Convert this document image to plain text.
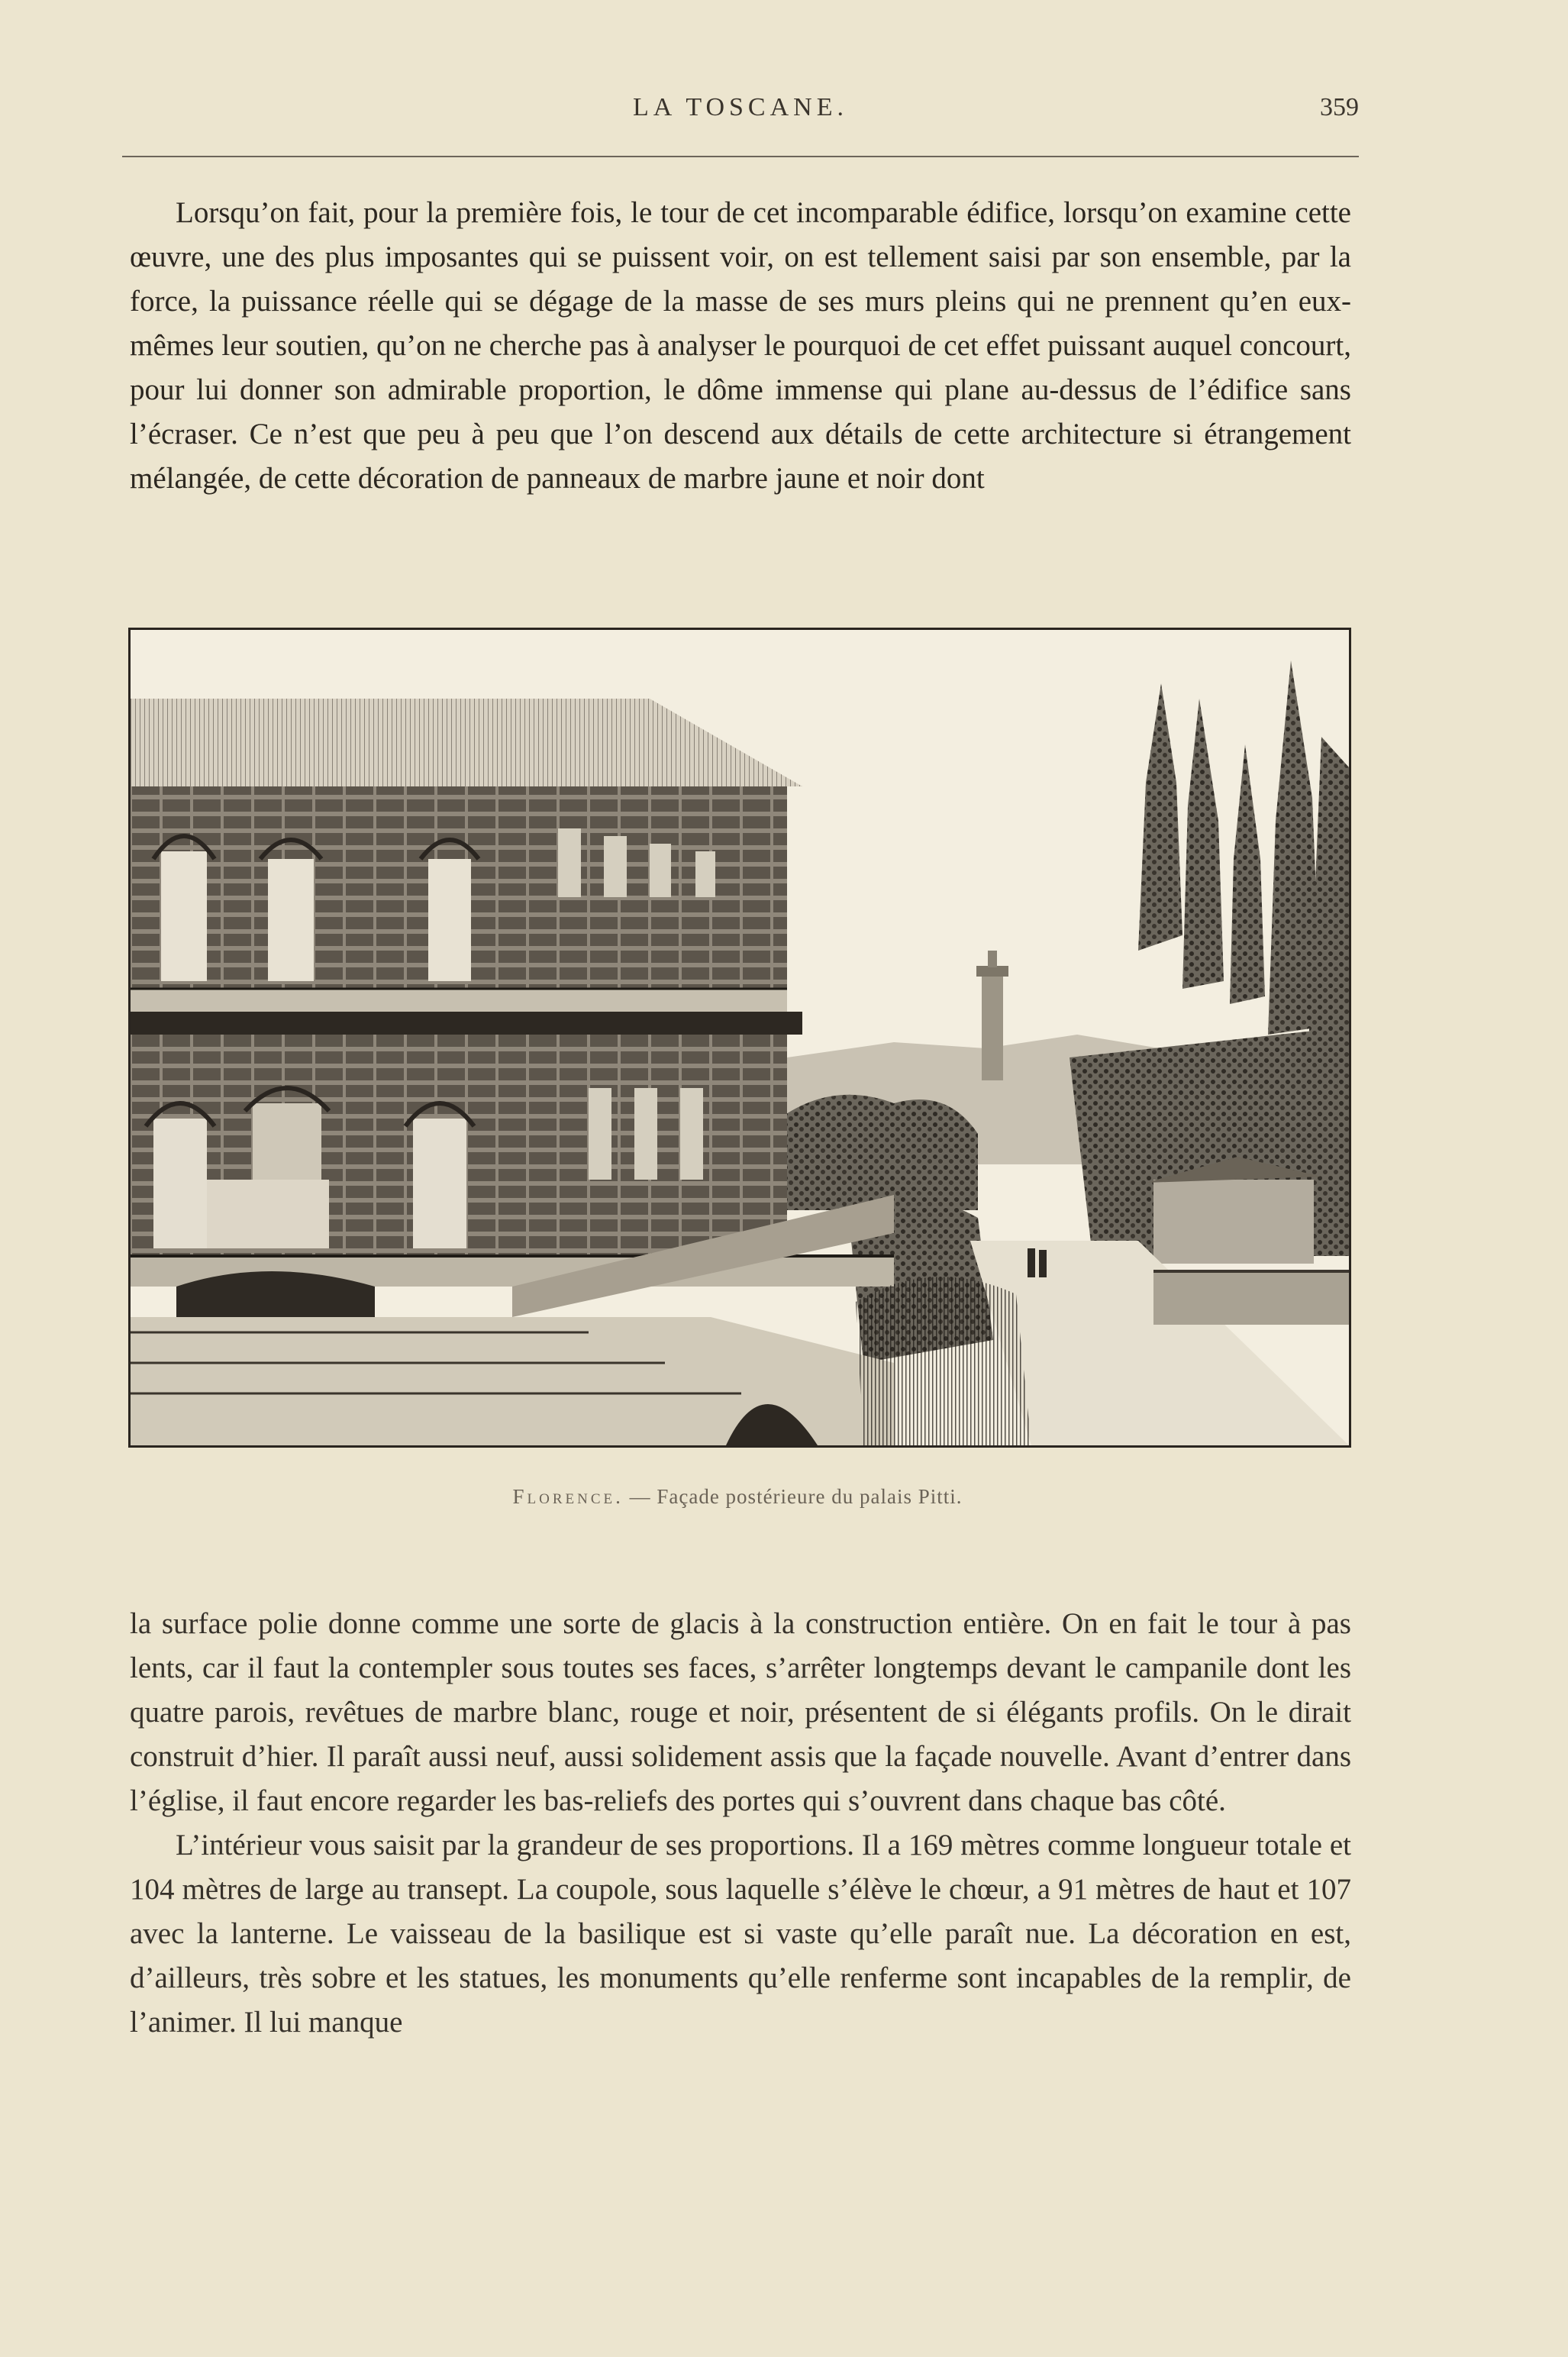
LA TOSCANE.	359

Lorsqu’on fait, pour la première fois, le tour de cet incomparable édifice, lorsqu’on examine cette œuvre, une des plus imposantes qui se puissent voir, on est tellement saisi par son ensemble, par la force, la puissance réelle qui se dégage de la masse de ses murs pleins qui ne prennent qu’en eux-mêmes leur soutien, qu’on ne cherche pas à analyser le pourquoi de cet effet puissant auquel concourt, pour lui donner son admirable proportion, le dôme immense qui plane au-dessus de l’édifice sans l’écraser. Ce n’est que peu à peu que l’on descend aux détails de cette architecture si étrangement mélangée, de cette décoration de panneaux de marbre jaune et noir dont

Florence. — Façade postérieure du palais Pitti.

la surface polie donne comme une sorte de glacis à la construction entière. On en fait le tour à pas lents, car il faut la contempler sous toutes ses faces, s’arrêter longtemps devant le campanile dont les quatre parois, revêtues de marbre blanc, rouge et noir, présentent de si élégants profils. On le dirait construit d’hier. Il paraît aussi neuf, aussi solidement assis que la façade nouvelle. Avant d’entrer dans l’église, il faut encore regarder les bas-reliefs des portes qui s’ouvrent dans chaque bas côté.

L’intérieur vous saisit par la grandeur de ses proportions. Il a 169 mètres comme longueur totale et 104 mètres de large au transept. La coupole, sous laquelle s’élève le chœur, a 91 mètres de haut et 107 avec la lanterne. Le vaisseau de la basilique est si vaste qu’elle paraît nue. La décoration en est, d’ailleurs, très sobre et les statues, les monuments qu’elle renferme sont incapables de la remplir, de l’animer. Il lui manque
